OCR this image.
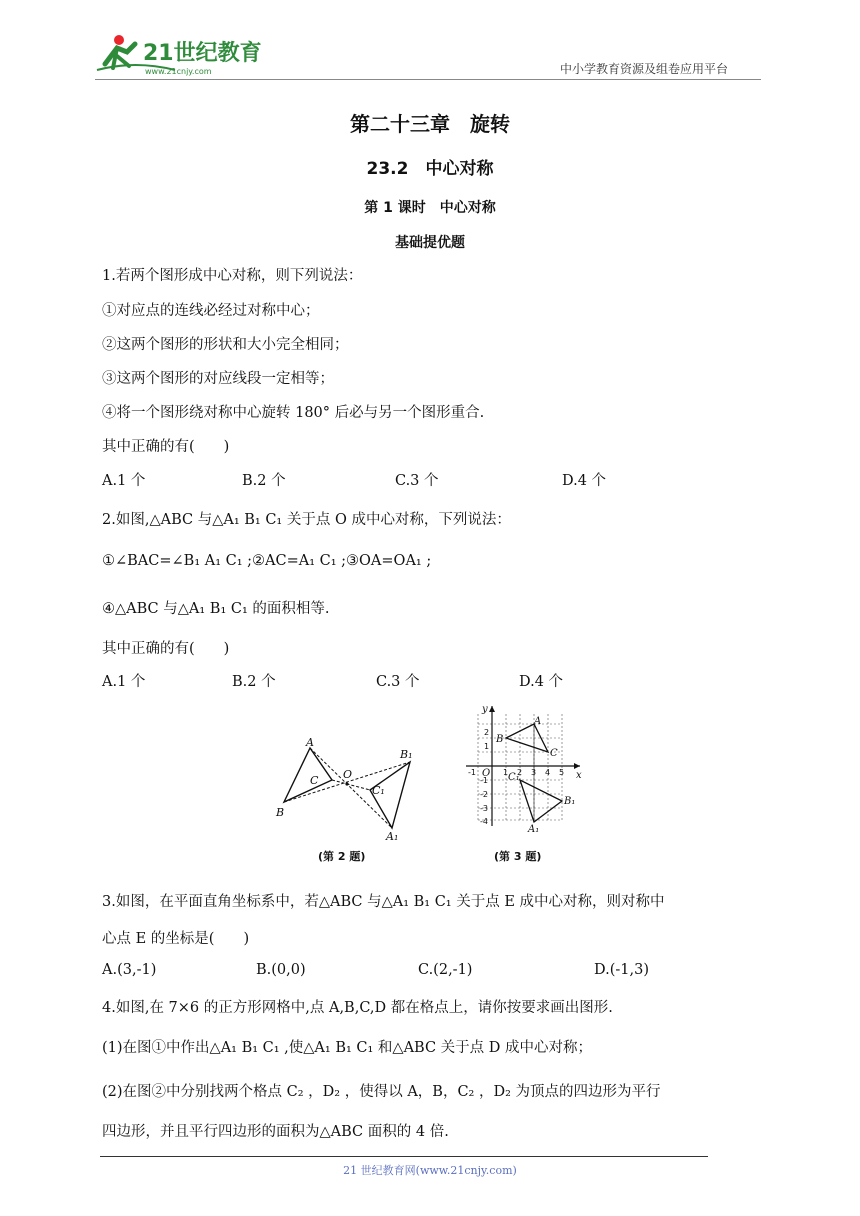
21世纪教育
www.21cnjy.com	中小学教育资源及组卷应用平台
第二十三章　旋转
23.2　中心对称
第 1 课时　中心对称
基础提优题
1.若两个图形成中心对称，则下列说法：
①对应点的连线必经过对称中心；
②这两个图形的形状和大小完全相同；
③这两个图形的对应线段一定相等；
④将一个图形绕对称中心旋转 180° 后必与另一个图形重合.
其中正确的有(　　)
A.1 个	B.2 个	C.3 个	D.4 个
2.如图,△ABC 与△A₁ B₁ C₁ 关于点 O 成中心对称，下列说法：
①∠BAC=∠B₁ A₁ C₁ ;②AC=A₁ C₁ ;③OA=OA₁ ;
④△ABC 与△A₁ B₁ C₁ 的面积相等.
其中正确的有(　　)
A.1 个	B.2 个	C.3 个	D.4 个
A
B
C O
A₁
B₁
C₁
(第 2 题)
y
x
O
A
B
C
A₁
B₁
C₁
-1	1 2 3 4 5
2
1
-1
-2
-3
-4
(第 3 题)
3.如图，在平面直角坐标系中，若△ABC 与△A₁ B₁ C₁ 关于点 E 成中心对称，则对称中
心点 E 的坐标是(　　)
A.(3,-1)	B.(0,0)	C.(2,-1)	D.(-1,3)
4.如图,在 7×6 的正方形网格中,点 A,B,C,D 都在格点上，请你按要求画出图形.
(1)在图①中作出△A₁ B₁ C₁ ,使△A₁ B₁ C₁ 和△ABC 关于点 D 成中心对称；
(2)在图②中分别找两个格点 C₂ ，D₂ ，使得以 A，B，C₂ ，D₂ 为顶点的四边形为平行
四边形，并且平行四边形的面积为△ABC 面积的 4 倍.
21 世纪教育网(www.21cnjy.com)
